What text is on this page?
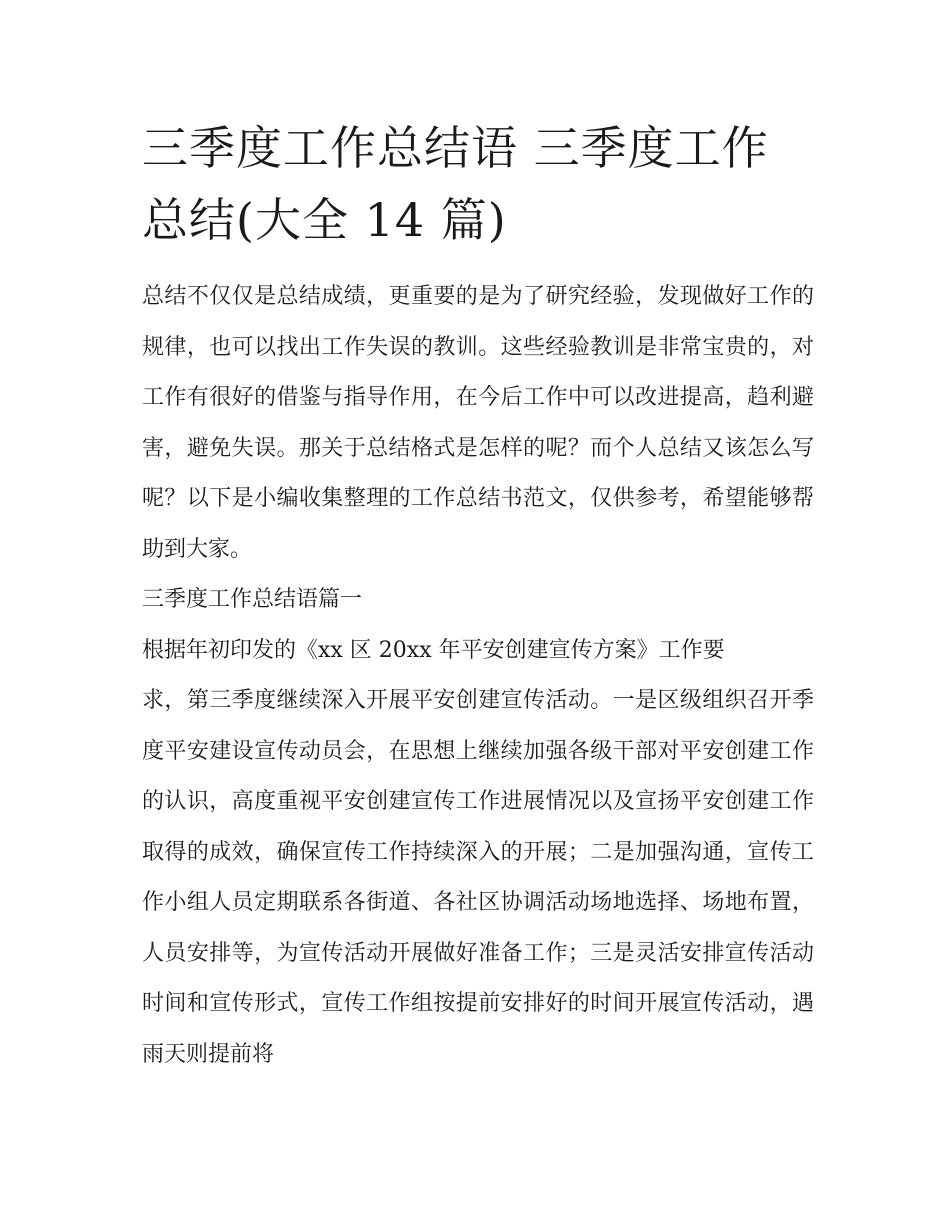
三季度工作总结语 三季度工作总结(大全 14 篇)

总结不仅仅是总结成绩，更重要的是为了研究经验，发现做好工作的规律，也可以找出工作失误的教训。这些经验教训是非常宝贵的，对工作有很好的借鉴与指导作用，在今后工作中可以改进提高，趋利避害，避免失误。那关于总结格式是怎样的呢？而个人总结又该怎么写呢？以下是小编收集整理的工作总结书范文，仅供参考，希望能够帮助到大家。

三季度工作总结语篇一

根据年初印发的《xx 区 20xx 年平安创建宣传方案》工作要

求，第三季度继续深入开展平安创建宣传活动。一是区级组织召开季度平安建设宣传动员会，在思想上继续加强各级干部对平安创建工作的认识，高度重视平安创建宣传工作进展情况以及宣扬平安创建工作取得的成效，确保宣传工作持续深入的开展；二是加强沟通，宣传工作小组人员定期联系各街道、各社区协调活动场地选择、场地布置，人员安排等，为宣传活动开展做好准备工作；三是灵活安排宣传活动时间和宣传形式，宣传工作组按提前安排好的时间开展宣传活动，遇雨天则提前将
